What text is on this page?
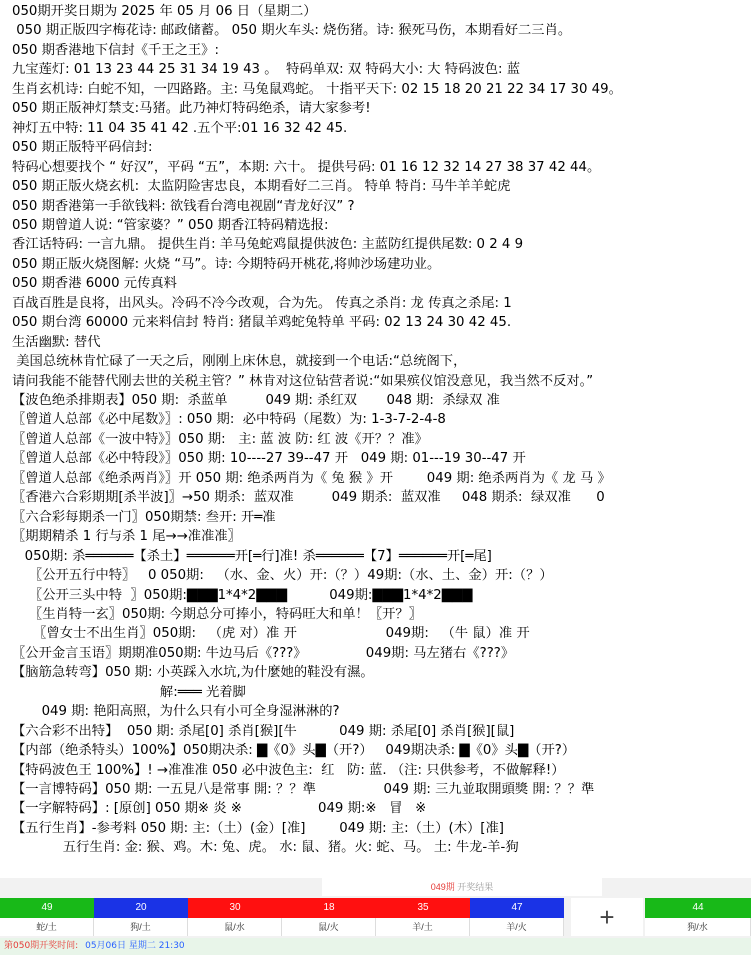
050期开奖日期为 2025 年 05 月 06 日（星期二）
050 期正版四字梅花诗: 邮政储蓄。 050 期火车头: 烧伤猪。诗: 猴死马伤，本期看好二三肖。
050 期香港地下信封《千王之王》:
九宝莲灯: 01 13 23 44 25 31 34 19 43 。  特码单双: 双 特码大小: 大 特码波色: 蓝
生肖玄机诗: 白蛇不知，一四路路。主: 马兔鼠鸡蛇。 十指平天下: 02 15 18 20 21 22 34 17 30 49。
050 期正版神灯禁支:马猪。此乃神灯特码绝杀，请大家参考!
神灯五中特: 11 04 35 41 42 .五个平:01 16 32 42 45.
050 期正版特平码信封:
特码心想要找个 “ 好汉”，平码 “五”，本期: 六十。 提供号码: 01 16 12 32 14 27 38 37 42 44。
050 期正版火烧玄机:  太监阴险害忠良，本期看好二三肖。 特单 特肖: 马牛羊羊蛇虎
050 期香港第一手欲钱料: 欲钱看台湾电视剧“青龙好汉” ?
050 期曾道人说: “管家婆？” 050 期香江特码精选报:
香江话特码: 一言九鼎。 提供生肖: 羊马兔蛇鸡鼠提供波色: 主蓝防红提供尾数: 0 2 4 9
050 期正版火烧图解: 火烧 “马”。诗: 今期特码开桃花,将帅沙场建功业。
050 期香港 6000 元传真料
百战百胜是良将，出风头。冷码不冷今改观，合为先。 传真之杀肖: 龙 传真之杀尾: 1
050 期台湾 60000 元来料信封 特肖: 猪鼠羊鸡蛇兔特单 平码: 02 13 24 30 42 45.
生活幽默: 替代
美国总统林肯忙碌了一天之后，刚刚上床休息，就接到一个电话:“总统阁下，
请问我能不能替代刚去世的关税主管？” 林肯对这位钻营者说:“如果殡仪馆没意见，我当然不反对。”
【波色绝杀排期表】050 期:  杀蓝单         049 期: 杀红双       048 期:  杀绿双 准
〖曾道人总部《必中尾数》〗: 050 期:  必中特码（尾数）为: 1-3-7-2-4-8
〖曾道人总部《一波中特》〗050 期:   主: 蓝 波 防: 红 波《开？？准》
〖曾道人总部《必中特段》〗050 期: 10----27 39--47 开   049 期: 01---19 30--47 开
〖曾道人总部《绝杀两肖》〗开 050 期: 绝杀两肖为《 兔 猴 》开        049 期: 绝杀两肖为《 龙 马 》
〖香港六合彩期期[杀半波]〗→50 期杀:  蓝双准         049 期杀:  蓝双准     048 期杀:  绿双准      0
〖六合彩每期杀一门〗050期禁: 叁开: 开═准
〖期期精杀 1 行与杀 1 尾→→准准准〗
050期: 杀══════【杀土】══════开[═行]准! 杀══════【7】══════开[═尾]
〖公开五行中特〗   0 050期:   （水、金、火）开:（？）49期:（水、土、金）开:（？）
〖公开三头中特  〗050期:▇▇▇1*4*2▇▇▇          049期:▇▇▇1*4*2▇▇▇
〖生肖特一玄〗050期: 今期总分可捧小，特码旺大和单！〖开？〗
〖曾女士不出生肖〗050期:   （虎 对）准 开                     049期:   （牛 鼠）准 开
〖公开金言玉语〗期期准050期: 牛边马后《???》              049期: 马左猪右《???》
【脑筋急转弯】050 期: 小英踩入水坑,为什麼她的鞋没有濕。
解:═══ 光着脚
049 期: 艳阳高照，为什么只有小可全身湿淋淋的?
【六合彩不出特】  050 期: 杀尾[0] 杀肖[猴][牛          049 期: 杀尾[0] 杀肖[猴][鼠]
【内部（绝杀特头）100%】050期决杀: ▇《0》头▇（开?）   049期决杀: ▇《0》头▇（开?）
【特码波色王 100%】! →准准准 050 必中波色主:  红   防: 蓝. （注: 只供参考，不做解释!）
【一言博特码】050 期: 一五見八是常事 開: ？？準                049 期: 三九並取開頭獎 開: ？？準
【一字解特码】: [原创] 050 期※ 炎 ※                  049 期:※   冒   ※
【五行生肖】-参考料 050 期: 主:（土）(金）[准]        049 期: 主:（土）(木）[准]
五行生肖: 金: 猴、鸡。木: 兔、虎。 水: 鼠、猪。火: 蛇、马。 土: 牛龙-羊-狗
049期 开奖结果
49
蛇/土
20
狗/土
30
鼠/水
18
鼠/火
35
羊/土
47
羊/火	+	44
狗/水
第050期开奖时间: 05月06日 星期二 21:30
